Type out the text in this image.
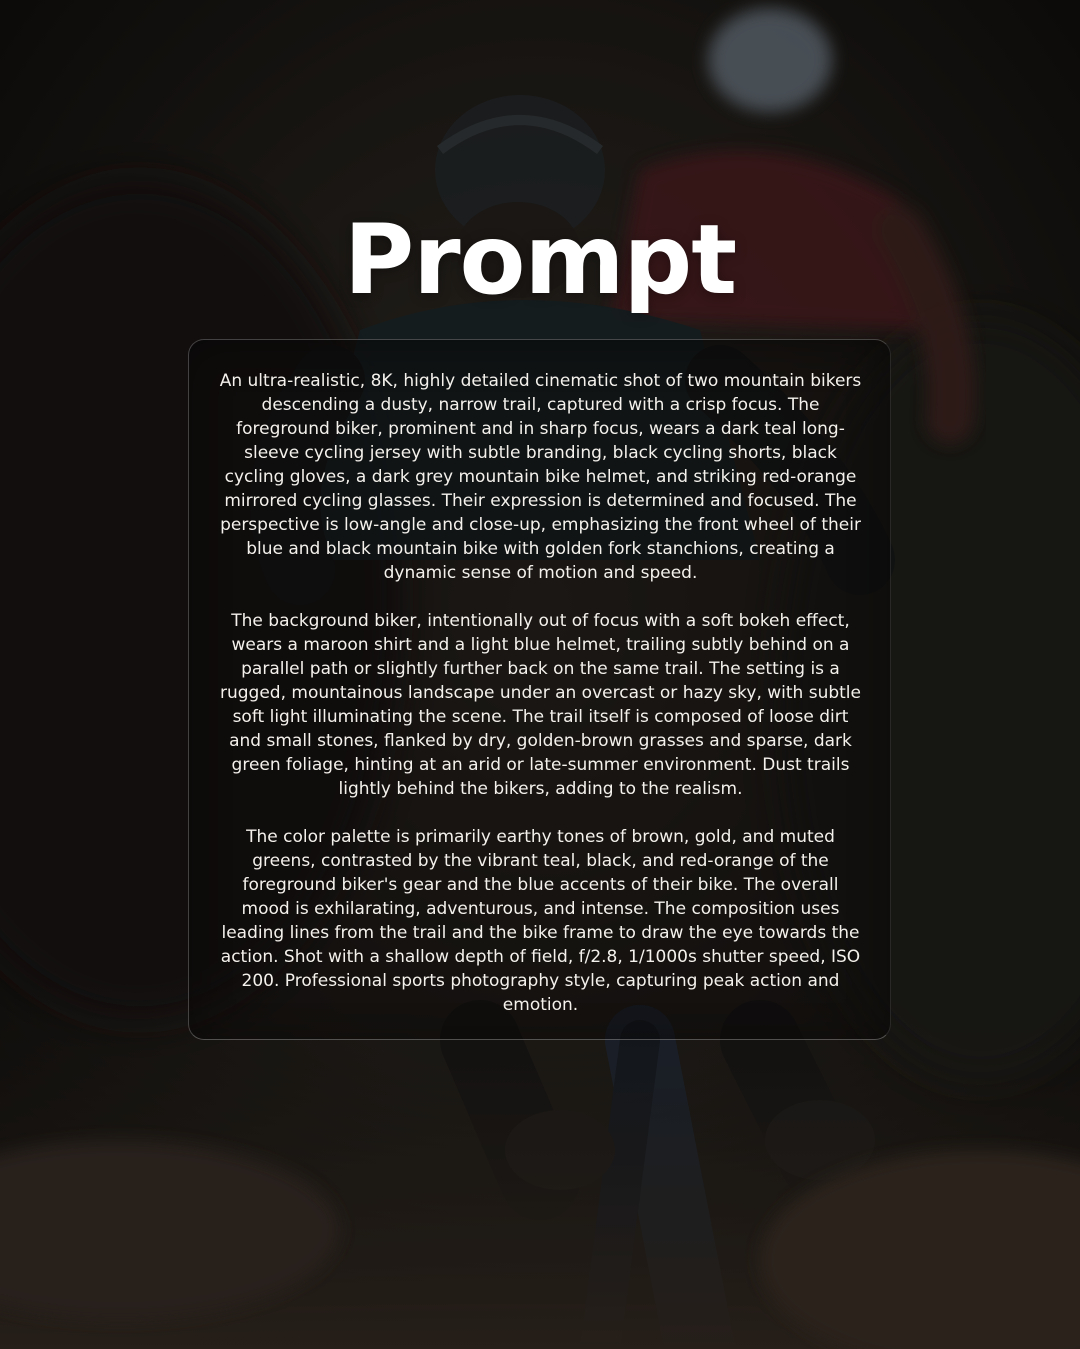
Prompt

An ultra-realistic, 8K, highly detailed cinematic shot of two mountain bikers descending a dusty, narrow trail, captured with a crisp focus. The foreground biker, prominent and in sharp focus, wears a dark teal long-sleeve cycling jersey with subtle branding, black cycling shorts, black cycling gloves, a dark grey mountain bike helmet, and striking red-orange mirrored cycling glasses. Their expression is determined and focused. The perspective is low-angle and close-up, emphasizing the front wheel of their blue and black mountain bike with golden fork stanchions, creating a dynamic sense of motion and speed.

The background biker, intentionally out of focus with a soft bokeh effect, wears a maroon shirt and a light blue helmet, trailing subtly behind on a parallel path or slightly further back on the same trail. The setting is a rugged, mountainous landscape under an overcast or hazy sky, with subtle soft light illuminating the scene. The trail itself is composed of loose dirt and small stones, flanked by dry, golden-brown grasses and sparse, dark green foliage, hinting at an arid or late-summer environment. Dust trails lightly behind the bikers, adding to the realism.

The color palette is primarily earthy tones of brown, gold, and muted greens, contrasted by the vibrant teal, black, and red-orange of the foreground biker's gear and the blue accents of their bike. The overall mood is exhilarating, adventurous, and intense. The composition uses leading lines from the trail and the bike frame to draw the eye towards the action. Shot with a shallow depth of field, f/2.8, 1/1000s shutter speed, ISO 200. Professional sports photography style, capturing peak action and emotion.
